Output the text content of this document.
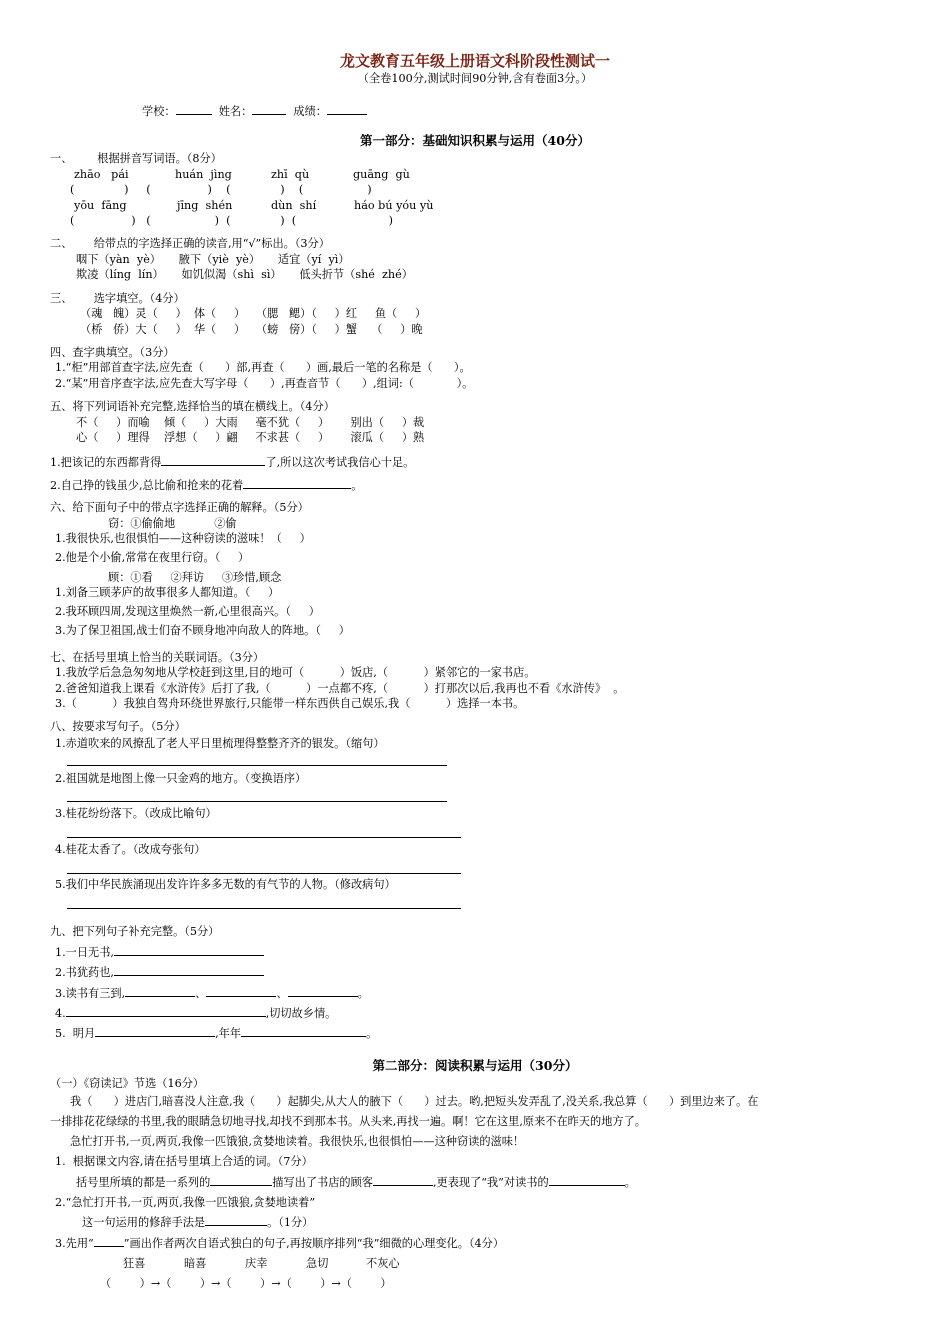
龙文教育五年级上册语文科阶段性测试一
（全卷100分,测试时间90分钟,含有卷面3分。）
学校：	姓名：	成绩：
第一部分：基础知识积累与运用（40分）
一、       根据拼音写词语。（8分）
zhāo   pái	huán  jìng	zhī  qù	guāng  gù
(              )     (                )    (              )    (                  )
yōu  fāng	jīng  shén	dùn  shí	háo bú yóu yù
(                )   (                  )  (              )  (                          )
二、      给带点的字选择正确的读音,用“√”标出。（3分）
咽下（yàn  yè）     腋下（yiè  yè）     适宜（yí  yì）
欺凌（líng  lín）     如饥似渴（shì  sì）     低头折节（shé  zhé）
三、      选字填空。（4分）
（魂   魄）灵（     ）  体（     ）   （腮   鳃）（     ）红     鱼（     ）
（桥   侨）大（     ）  华（     ）   （螃   傍）（     ）蟹    （     ）晚
四、查字典填空。（3分）
1.“柜”用部首查字法,应先查（      ）部,再查（      ）画,最后一笔的名称是（      ）。
2.“某”用音序查字法,应先查大写字母（      ）,再查音节（      ）,组词:（            ）。
五、将下列词语补充完整,选择恰当的填在横线上。（4分）
不（     ）而喻    倾（     ）大雨     毫不犹（     ）      别出（     ）裁
心（     ）理得    浮想（     ）翩     不求甚（     ）      滚瓜（     ）熟
1.把该记的东西都背得	了,所以这次考试我信心十足。
2.自己挣的钱虽少,总比偷和抢来的花着	。
六、给下面句子中的带点字选择正确的解释。（5分）
窃：①偷偷地           ②偷
1.我很快乐,也很惧怕——这种窃读的滋味！（     ）
2.他是个小偷,常常在夜里行窃。（     ）
顾：①看     ②拜访     ③珍惜,顾念
1.刘备三顾茅庐的故事很多人都知道。（     ）
2.我环顾四周,发现这里焕然一新,心里很高兴。（     ）
3.为了保卫祖国,战士们奋不顾身地冲向敌人的阵地。（     ）
七、在括号里填上恰当的关联词语。（3分）
1.我放学后急急匆匆地从学校赶到这里,目的地可（          ）饭店,（          ）紧邻它的一家书店。
2.爸爸知道我上课看《水浒传》后打了我,（          ）一点都不疼,（          ）打那次以后,我再也不看《水浒传》  。
3.（          ）我独自驾舟环绕世界旅行,只能带一样东西供自己娱乐,我（          ）选择一本书。
八、按要求写句子。（5分）
1.赤道吹来的风撩乱了老人平日里梳理得整整齐齐的银发。（缩句）
2.祖国就是地图上像一只金鸡的地方。（变换语序）
3.桂花纷纷落下。（改成比喻句）
4.桂花太香了。（改成夸张句）
5.我们中华民族涌现出发许许多多无数的有气节的人物。（修改病句）
九、把下列句子补充完整。（5分）
1.一日无书,
2.书犹药也,
3.读书有三到,	、	、	。
4.	,切切故乡情。
5.  明月	,年年	。
第二部分：阅读积累与运用（30分）
（一）《窃读记》节选（16分）
我（      ）进店门,暗喜没人注意,我（      ）起脚尖,从大人的腋下（      ）过去。哟,把短头发弄乱了,没关系,我总算（      ）到里边来了。在
一排排花花绿绿的书里,我的眼睛急切地寻找,却找不到那本书。从头来,再找一遍。啊！它在这里,原来不在昨天的地方了。
急忙打开书,一页,两页,我像一匹饿狼,贪婪地读着。我很快乐,也很惧怕——这种窃读的滋味！
1.  根据课文内容,请在括号里填上合适的词。（7分）
括号里所填的都是一系列的	描写出了书店的顾客	,更表现了“我”对读书的	。
2.“急忙打开书,一页,两页,我像一匹饿狼,贪婪地读着”
这一句运用的修辞手法是	。（1分）
3.先用“	”画出作者两次自语式独白的句子,再按顺序排列“我”细微的心理变化。（4分）
狂喜	暗喜	庆幸	急切	不灰心
（        ）→（        ）→（        ）→（        ）→（        ）
